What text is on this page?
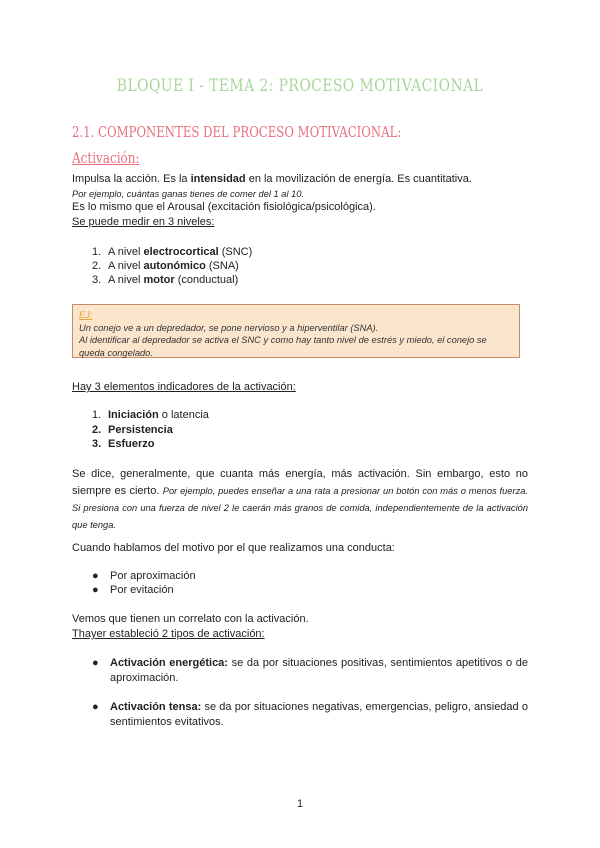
BLOQUE I - TEMA 2: PROCESO MOTIVACIONAL
2.1. COMPONENTES DEL PROCESO MOTIVACIONAL:
Activación:
Impulsa la acción. Es la intensidad en la movilización de energía. Es cuantitativa.
Por ejemplo, cuántas ganas tienes de comer del 1 al 10.
Es lo mismo que el Arousal (excitación fisiológica/psicológica).
Se puede medir en 3 niveles:
1. A nivel electrocortical (SNC)
2. A nivel autonómico (SNA)
3. A nivel motor (conductual)
EJ:
Un conejo ve a un depredador, se pone nervioso y a hiperventilar (SNA).
Al identificar al depredador se activa el SNC y como hay tanto nivel de estrés y miedo, el conejo se queda congelado.
Hay 3 elementos indicadores de la activación:
1. Iniciación o latencia
2. Persistencia
3. Esfuerzo
Se dice, generalmente, que cuanta más energía, más activación. Sin embargo, esto no siempre es cierto. Por ejemplo, puedes enseñar a una rata a presionar un botón con más o menos fuerza. Si presiona con una fuerza de nivel 2 le caerán más granos de comida, independientemente de la activación que tenga.
Cuando hablamos del motivo por el que realizamos una conducta:
● Por aproximación
● Por evitación
Vemos que tienen un correlato con la activación.
Thayer estableció 2 tipos de activación:
● Activación energética: se da por situaciones positivas, sentimientos apetitivos o de aproximación.
● Activación tensa: se da por situaciones negativas, emergencias, peligro, ansiedad o sentimientos evitativos.
1
